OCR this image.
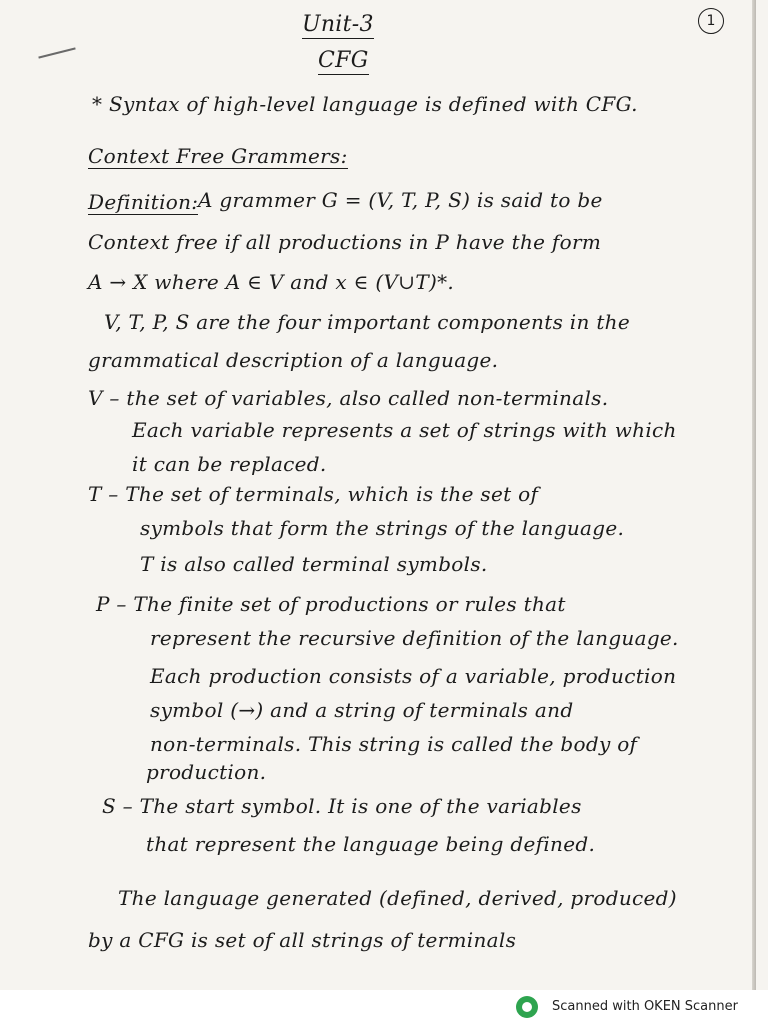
Unit-3
CFG
1
* Syntax of high-level language is defined with CFG.
Context Free Grammers:
Definition: A grammer G = (V, T, P, S) is said to be
Context free if all productions in P have the form
A → X where A ∈ V and x ∈ (V∪T)*.
V, T, P, S are the four important components in the
grammatical description of a language.
V – the set of variables, also called non-terminals.
Each variable represents a set of strings with which
it can be replaced.
T – The set of terminals, which is the set of
symbols that form the strings of the language.
T is also called terminal symbols.
P – The finite set of productions or rules that
represent the recursive definition of the language.
Each production consists of a variable, production
symbol (→) and a string of terminals and
non-terminals. This string is called the body of
production.
S – The start symbol. It is one of the variables
that represent the language being defined.
The language generated (defined, derived, produced)
by a CFG is set of all strings of terminals
Scanned with OKEN Scanner
